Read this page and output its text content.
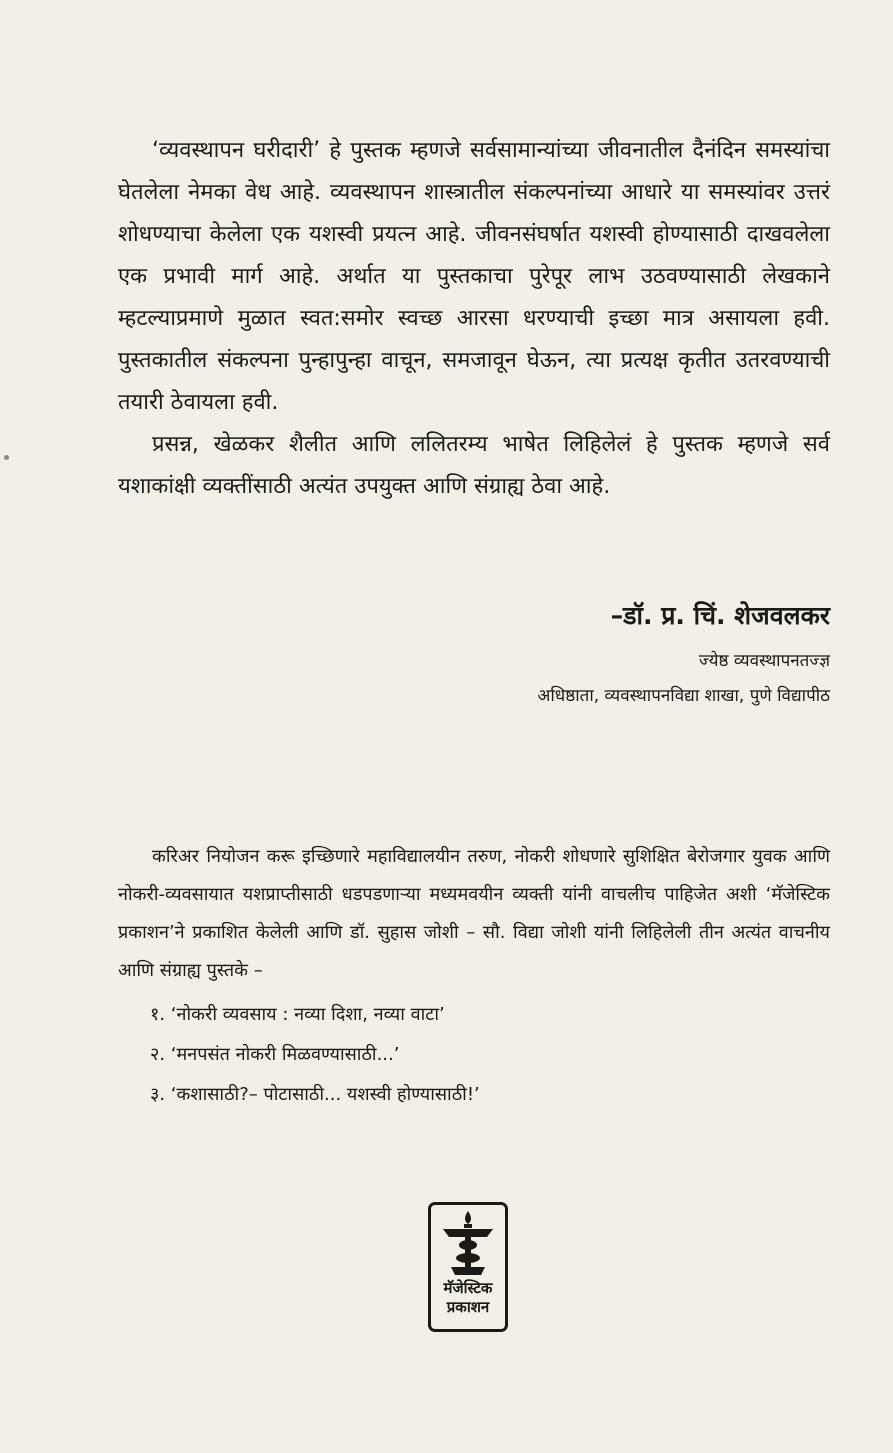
‘व्यवस्थापन घरीदारी’ हे पुस्तक म्हणजे सर्वसामान्यांच्या जीवनातील दैनंदिन समस्यांचा घेतलेला नेमका वेध आहे. व्यवस्थापन शास्त्रातील संकल्पनांच्या आधारे या समस्यांवर उत्तरं शोधण्याचा केलेला एक यशस्वी प्रयत्न आहे. जीवनसंघर्षात यशस्वी होण्यासाठी दाखवलेला एक प्रभावी मार्ग आहे. अर्थात या पुस्तकाचा पुरेपूर लाभ उठवण्यासाठी लेखकाने म्हटल्याप्रमाणे मुळात स्वत:समोर स्वच्छ आरसा धरण्याची इच्छा मात्र असायला हवी. पुस्तकातील संकल्पना पुन्हापुन्हा वाचून, समजावून घेऊन, त्या प्रत्यक्ष कृतीत उतरवण्याची तयारी ठेवायला हवी.

प्रसन्न, खेळकर शैलीत आणि ललितरम्य भाषेत लिहिलेलं हे पुस्तक म्हणजे सर्व यशाकांक्षी व्यक्तींसाठी अत्यंत उपयुक्त आणि संग्राह्य ठेवा आहे.

–डॉ. प्र. चिं. शेजवलकर
ज्येष्ठ व्यवस्थापनतज्ज्ञ
अधिष्ठाता, व्यवस्थापनविद्या शाखा, पुणे विद्यापीठ

करिअर नियोजन करू इच्छिणारे महाविद्यालयीन तरुण, नोकरी शोधणारे सुशिक्षित बेरोजगार युवक आणि नोकरी-व्यवसायात यशप्राप्तीसाठी धडपडणाऱ्या मध्यमवयीन व्यक्ती यांनी वाचलीच पाहिजेत अशी ‘मॅजेस्टिक प्रकाशन’ने प्रकाशित केलेली आणि डॉ. सुहास जोशी – सौ. विद्या जोशी यांनी लिहिलेली तीन अत्यंत वाचनीय आणि संग्राह्य पुस्तके –

१. ‘नोकरी व्यवसाय : नव्या दिशा, नव्या वाटा’
२. ‘मनपसंत नोकरी मिळवण्यासाठी...’
३. ‘कशासाठी?– पोटासाठी... यशस्वी होण्यासाठी!’
मॅजेस्टिक
प्रकाशन
